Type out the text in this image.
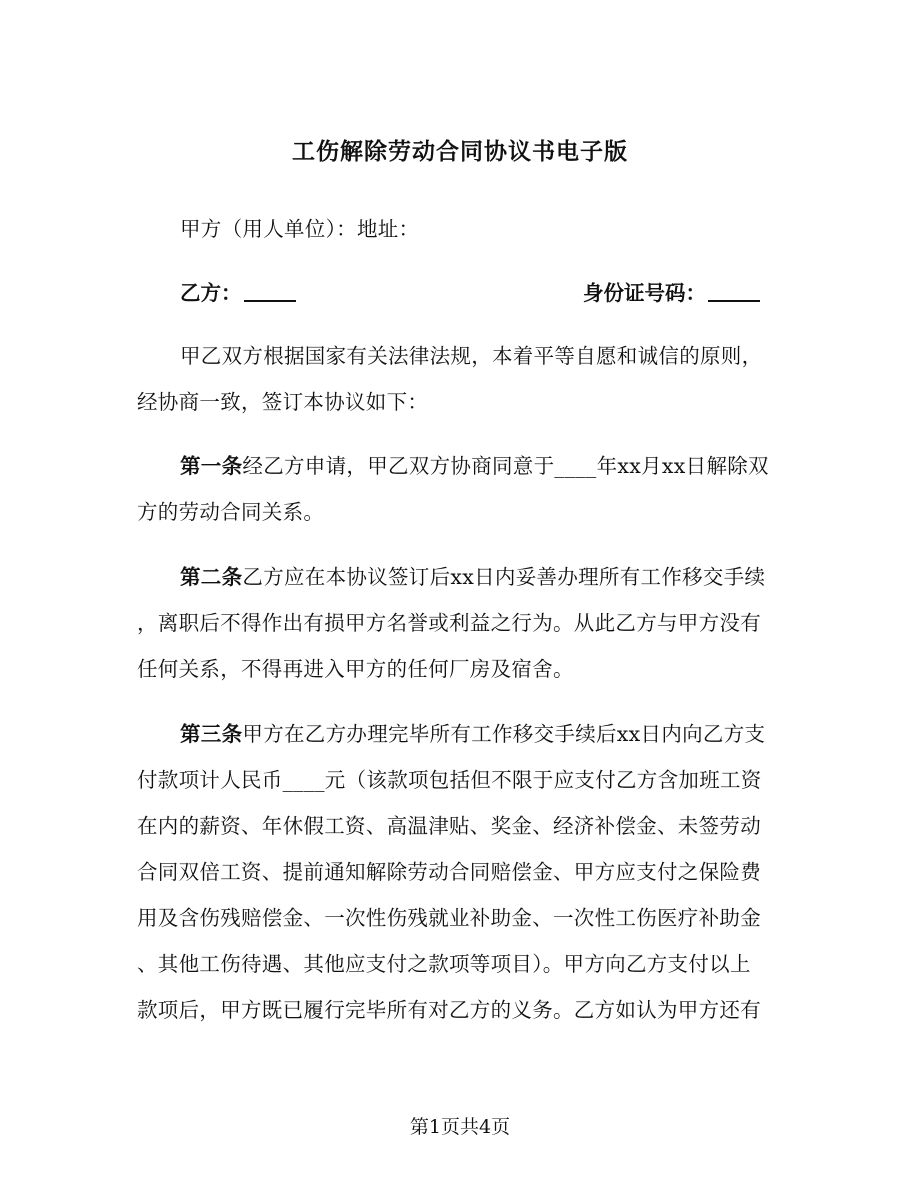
工伤解除劳动合同协议书电子版
甲方（用人单位）：地址：
乙方：	身份证号码：
甲乙双方根据国家有关法律法规，本着平等自愿和诚信的原则，
经协商一致，签订本协议如下：
第一条经乙方申请，甲乙双方协商同意于____年xx月xx日解除双
方的劳动合同关系。
第二条乙方应在本协议签订后xx日内妥善办理所有工作移交手续
，离职后不得作出有损甲方名誉或利益之行为。从此乙方与甲方没有
任何关系，不得再进入甲方的任何厂房及宿舍。
第三条甲方在乙方办理完毕所有工作移交手续后xx日内向乙方支
付款项计人民币____元（该款项包括但不限于应支付乙方含加班工资
在内的薪资、年休假工资、高温津贴、奖金、经济补偿金、未签劳动
合同双倍工资、提前通知解除劳动合同赔偿金、甲方应支付之保险费
用及含伤残赔偿金、一次性伤残就业补助金、一次性工伤医疗补助金
、其他工伤待遇、其他应支付之款项等项目）。甲方向乙方支付以上
款项后，甲方既已履行完毕所有对乙方的义务。乙方如认为甲方还有
第1页共4页
